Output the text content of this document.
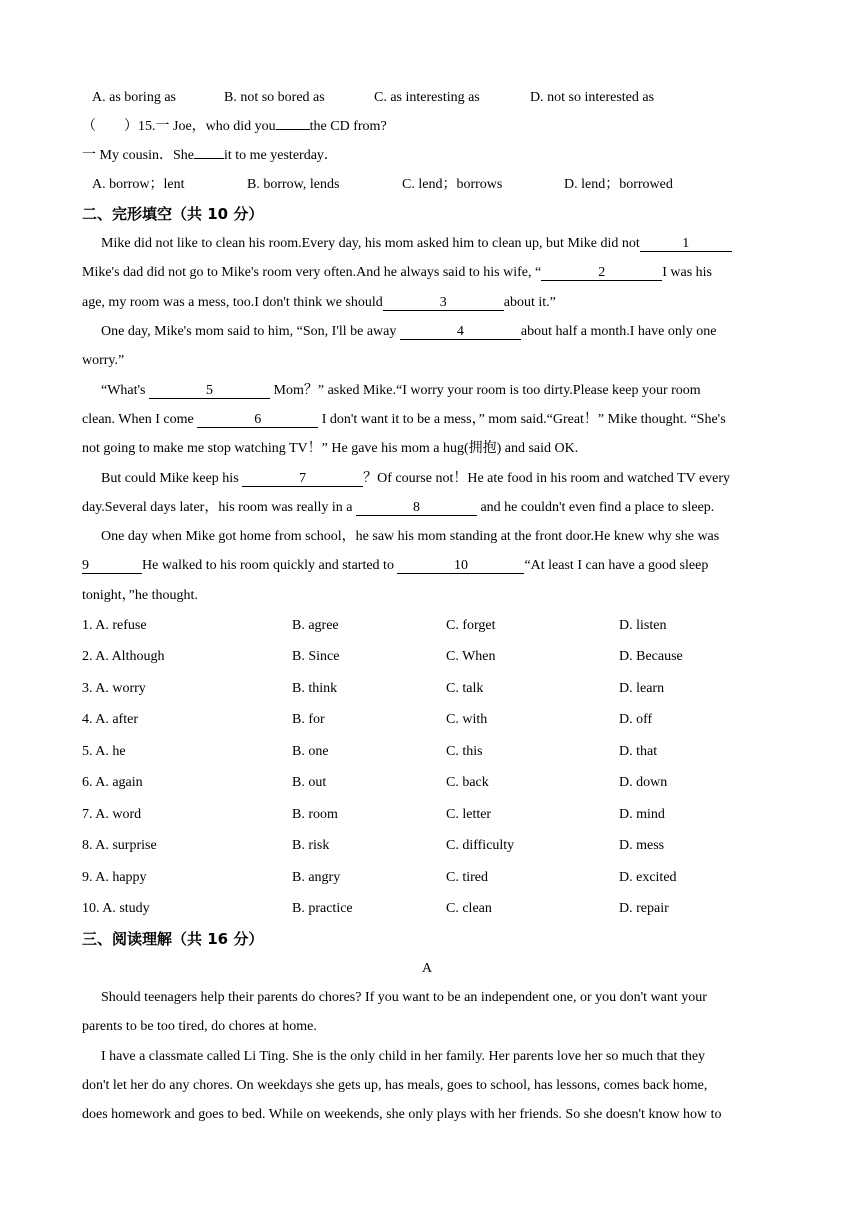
A. as boring as	B. not so bored as	C. as interesting as	D. not so interested as
（　　）15.一 Joe，who did you the CD from?
一 My cousin．She it to me yesterday．
A. borrow；lent	B. borrow, lends	C. lend；borrows	D. lend；borrowed
二、完形填空（共 10 分）
Mike did not like to clean his room.Every day, his mom asked him to clean up, but Mike did not	1
Mike's dad did not go to Mike's room very often.And he always said to his wife, “	2	I was his
age, my room was a mess, too.I don't think we should	3	about it.”
One day, Mike's mom said to him, “Son, I'll be away	4	about half a month.I have only one
worry.”
“What's	5	Mom？” asked Mike.“I worry your room is too dirty.Please keep your room
clean. When I come	6	I don't want it to be a mess，” mom said.“Great！” Mike thought. “She's
not going to make me stop watching TV！” He gave his mom a hug(拥抱) and said OK.
But could Mike keep his	7	？Of course not！He ate food in his room and watched TV every
day.Several days later，his room was really in a	8	and he couldn't even find a place to sleep.
One day when Mike got home from school，he saw his mom standing at the front door.He knew why she was
9	He walked to his room quickly and started to	10	“At least I can have a good sleep
tonight，”he thought.
1. A. refuse	B. agree	C. forget	D. listen
2. A. Although	B. Since	C. When	D. Because
3. A. worry	B. think	C. talk	D. learn
4. A. after	B. for	C. with	D. off
5. A. he	B. one	C. this	D. that
6. A. again	B. out	C. back	D. down
7. A. word	B. room	C. letter	D. mind
8. A. surprise	B. risk	C. difficulty	D. mess
9. A. happy	B. angry	C. tired	D. excited
10. A. study	B. practice	C. clean	D. repair
三、阅读理解（共 16 分）
A
Should teenagers help their parents do chores? If you want to be an independent one, or you don't want your
parents to be too tired, do chores at home.
I have a classmate called Li Ting. She is the only child in her family. Her parents love her so much that they
don't let her do any chores. On weekdays she gets up, has meals, goes to school, has lessons, comes back home,
does homework and goes to bed. While on weekends, she only plays with her friends. So she doesn't know how to
